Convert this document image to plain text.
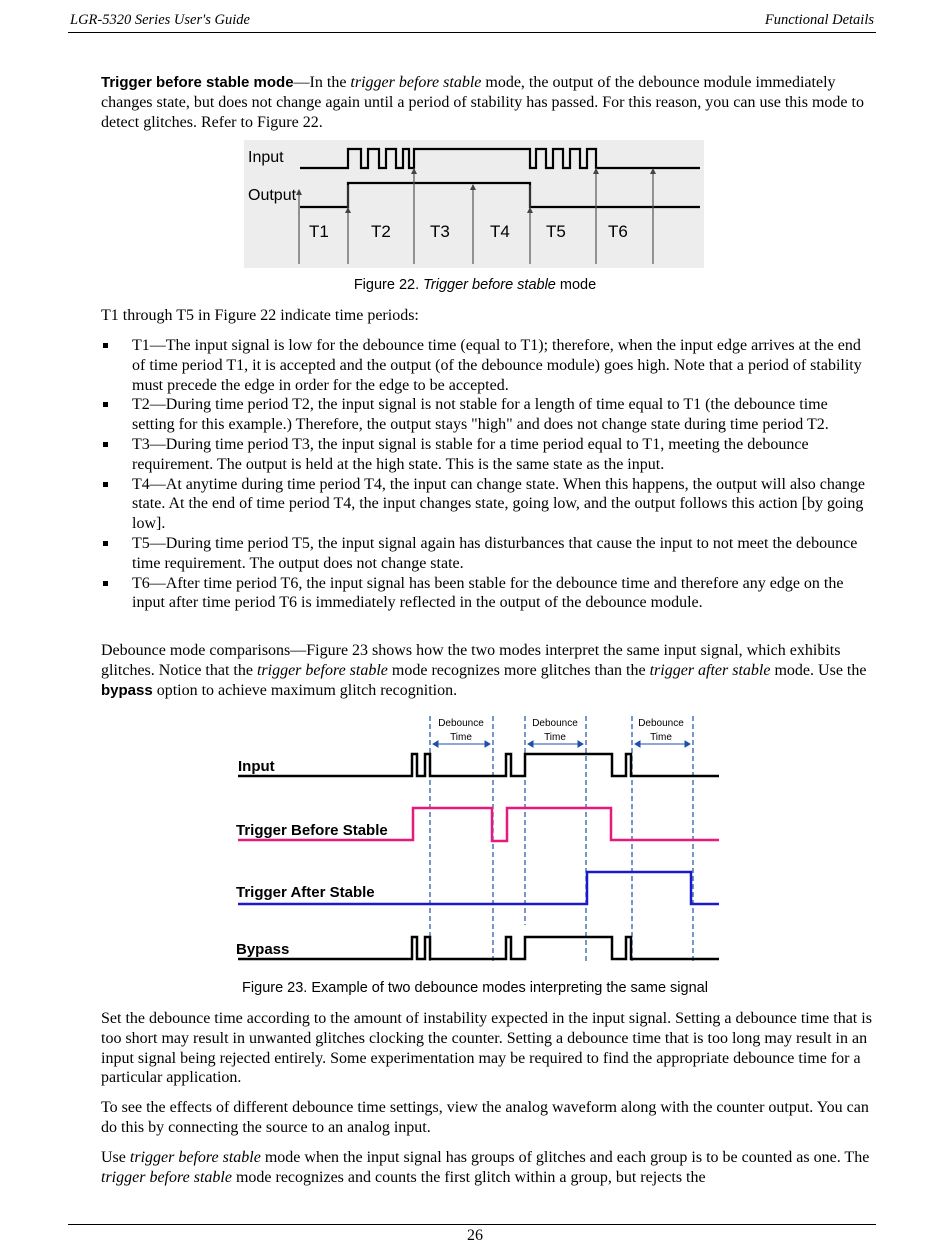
LGR-5320 Series User's Guide	Functional Details

Trigger before stable mode—In the trigger before stable mode, the output of the debounce module immediately changes state, but does not change again until a period of stability has passed. For this reason, you can use this mode to detect glitches. Refer to Figure 22.

Input
Output
T1 T2 T3 T4 T5 T6
Figure 22. Trigger before stable mode
T1 through T5 in Figure 22 indicate time periods:
T1—The input signal is low for the debounce time (equal to T1); therefore, when the input edge arrives at the end of time period T1, it is accepted and the output (of the debounce module) goes high. Note that a period of stability must precede the edge in order for the edge to be accepted.
T2—During time period T2, the input signal is not stable for a length of time equal to T1 (the debounce time setting for this example.) Therefore, the output stays "high" and does not change state during time period T2.
T3—During time period T3, the input signal is stable for a time period equal to T1, meeting the debounce requirement. The output is held at the high state. This is the same state as the input.
T4—At anytime during time period T4, the input can change state. When this happens, the output will also change state. At the end of time period T4, the input changes state, going low, and the output follows this action [by going low].
T5—During time period T5, the input signal again has disturbances that cause the input to not meet the debounce time requirement. The output does not change state.
T6—After time period T6, the input signal has been stable for the debounce time and therefore any edge on the input after time period T6 is immediately reflected in the output of the debounce module.

Debounce mode comparisons—Figure 23 shows how the two modes interpret the same input signal, which exhibits glitches. Notice that the trigger before stable mode recognizes more glitches than the trigger after stable mode. Use the bypass option to achieve maximum glitch recognition.

Debounce
Time
Debounce
Time
Debounce
Time
Input
Trigger Before Stable
Trigger After Stable
Bypass
Figure 23. Example of two debounce modes interpreting the same signal
Set the debounce time according to the amount of instability expected in the input signal. Setting a debounce time that is too short may result in unwanted glitches clocking the counter. Setting a debounce time that is too long may result in an input signal being rejected entirely. Some experimentation may be required to find the appropriate debounce time for a particular application.
To see the effects of different debounce time settings, view the analog waveform along with the counter output. You can do this by connecting the source to an analog input.

Use trigger before stable mode when the input signal has groups of glitches and each group is to be counted as one. The trigger before stable mode recognizes and counts the first glitch within a group, but rejects the

26
